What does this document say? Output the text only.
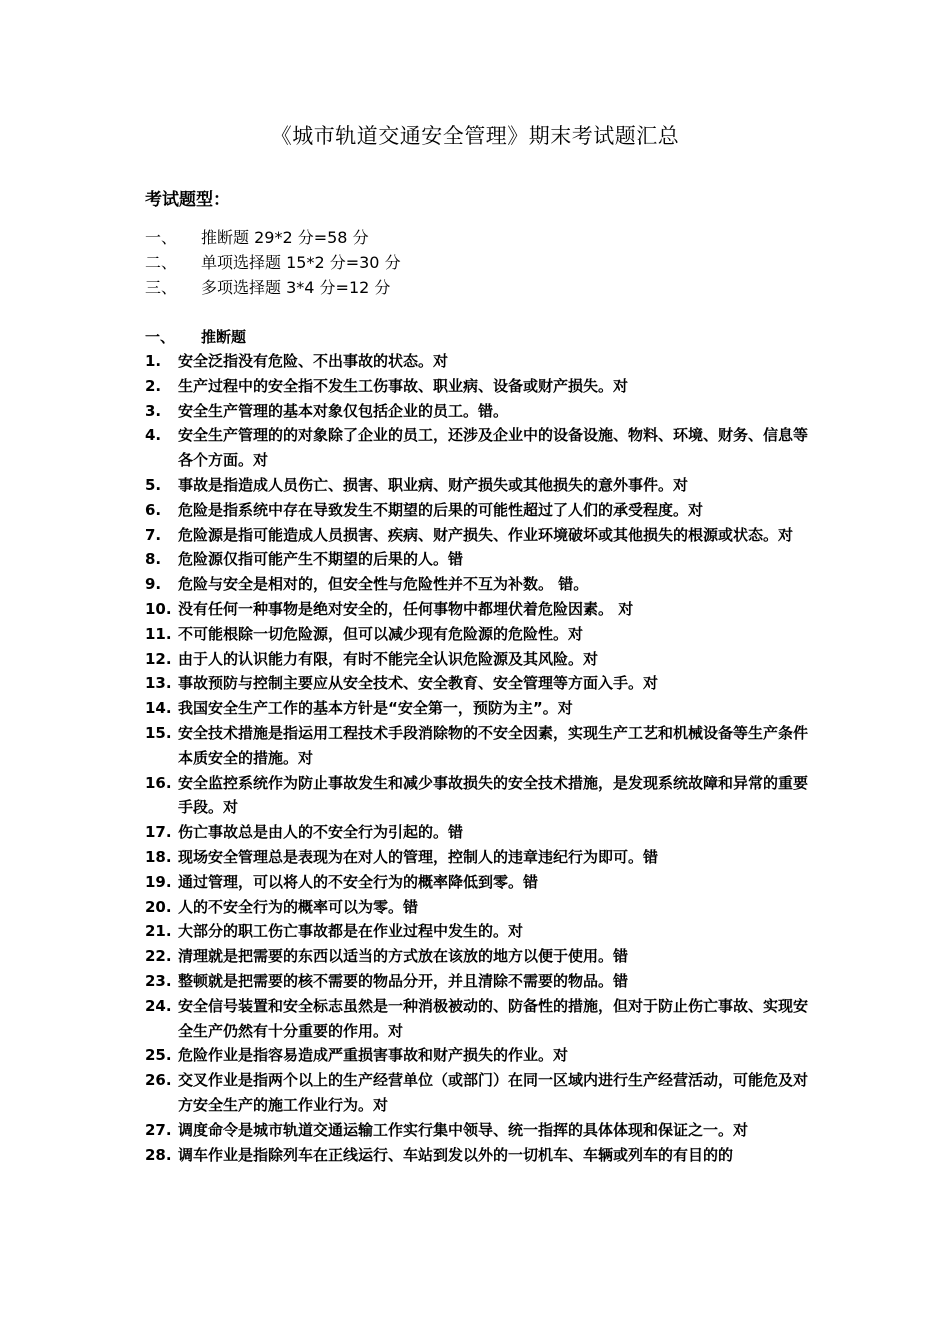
《城市轨道交通安全管理》期末考试题汇总
考试题型：
一、	推断题 29*2 分=58 分
二、	单项选择题 15*2 分=30 分
三、	多项选择题 3*4 分=12 分
一、	推断题
1.	安全泛指没有危险、不出事故的状态。对
2.	生产过程中的安全指不发生工伤事故、职业病、设备或财产损失。对
3.	安全生产管理的基本对象仅包括企业的员工。错。
4.	安全生产管理的的对象除了企业的员工，还涉及企业中的设备设施、物料、环境、财务、信息等各个方面。对
5.	事故是指造成人员伤亡、损害、职业病、财产损失或其他损失的意外事件。对
6.	危险是指系统中存在导致发生不期望的后果的可能性超过了人们的承受程度。对
7.	危险源是指可能造成人员损害、疾病、财产损失、作业环境破坏或其他损失的根源或状态。对
8.	危险源仅指可能产生不期望的后果的人。错
9.	危险与安全是相对的，但安全性与危险性并不互为补数。 错。
10. 没有任何一种事物是绝对安全的，任何事物中都埋伏着危险因素。 对
11. 不可能根除一切危险源，但可以减少现有危险源的危险性。对
12. 由于人的认识能力有限，有时不能完全认识危险源及其风险。对
13. 事故预防与控制主要应从安全技术、安全教育、安全管理等方面入手。对
14. 我国安全生产工作的基本方针是“安全第一，预防为主”。对
15. 安全技术措施是指运用工程技术手段消除物的不安全因素，实现生产工艺和机械设备等生产条件本质安全的措施。对
16. 安全监控系统作为防止事故发生和减少事故损失的安全技术措施，是发现系统故障和异常的重要手段。对
17. 伤亡事故总是由人的不安全行为引起的。错
18. 现场安全管理总是表现为在对人的管理，控制人的违章违纪行为即可。错
19. 通过管理，可以将人的不安全行为的概率降低到零。错
20. 人的不安全行为的概率可以为零。错
21. 大部分的职工伤亡事故都是在作业过程中发生的。对
22. 清理就是把需要的东西以适当的方式放在该放的地方以便于使用。错
23. 整顿就是把需要的核不需要的物品分开，并且清除不需要的物品。错
24. 安全信号装置和安全标志虽然是一种消极被动的、防备性的措施，但对于防止伤亡事故、实现安全生产仍然有十分重要的作用。对
25. 危险作业是指容易造成严重损害事故和财产损失的作业。对
26. 交叉作业是指两个以上的生产经营单位（或部门）在同一区域内进行生产经营活动，可能危及对方安全生产的施工作业行为。对
27. 调度命令是城市轨道交通运输工作实行集中领导、统一指挥的具体体现和保证之一。对
28. 调车作业是指除列车在正线运行、车站到发以外的一切机车、车辆或列车的有目的的
